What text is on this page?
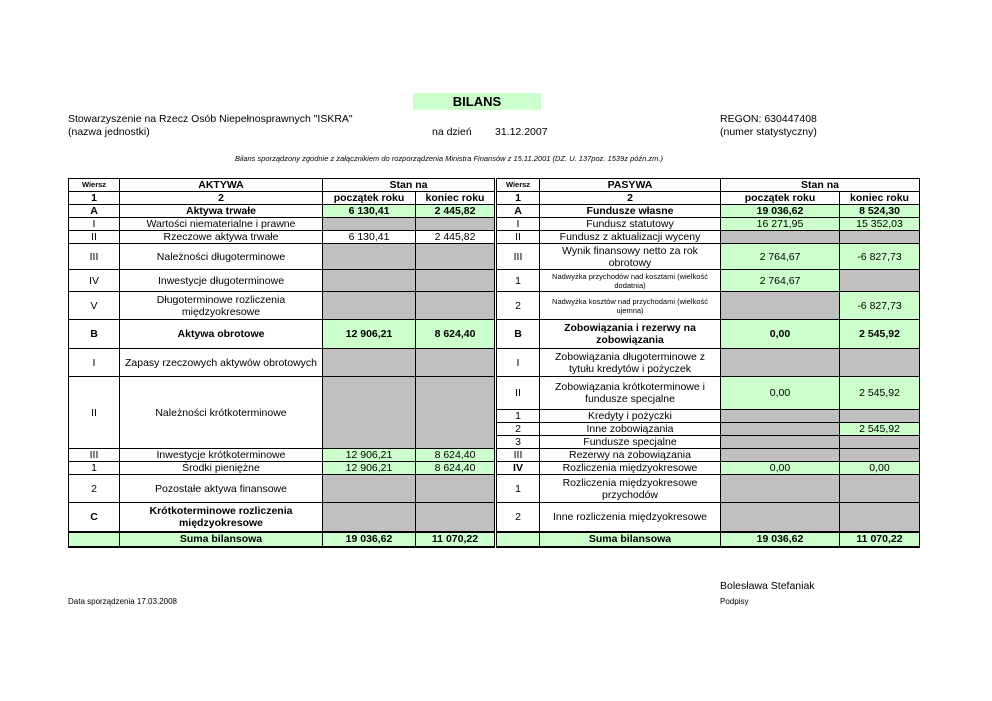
BILANS
Stowarzyszenie na Rzecz Osób Niepełnosprawnych "ISKRA"
(nazwa jednostki)	na dzień 31.12.2007
REGON: 630447408
(numer statystyczny)
Bilans sporządzony zgodnie z załącznikiem do rozporządzenia Ministra Finansów z 15.11.2001 (DZ. U. 137poz. 1539z późn.zm.)
Wiersz	AKTYWA	Stan na	
1	2	początek roku	koniec roku
A	Aktywa trwałe	6 130,41	2 445,82
I	Wartości niematerialne i prawne		
II	Rzeczowe aktywa trwałe	6 130,41	2 445,82
III	Należności długoterminowe		
IV	Inwestycje długoterminowe		
V	Długoterminowe rozliczenia międzyokresowe		
B	Aktywa obrotowe	12 906,21	8 624,40
I	Zapasy rzeczowych aktywów obrotowych		
II	Należności krótkoterminowe		
III	Inwestycje krótkoterminowe	12 906,21	8 624,40
1	Środki pieniężne	12 906,21	8 624,40
2	Pozostałe aktywa finansowe		
C	Krótkoterminowe rozliczenia międzyokresowe		
	Suma bilansowa	19 036,62	11 070,22
Wiersz	PASYWA	Stan na	
1	2	początek roku	koniec roku
A	Fundusze własne	19 036,62	8 524,30
I	Fundusz statutowy	16 271,95	15 352,03
II	Fundusz z aktualizacji wyceny		
III	Wynik finansowy netto za rok obrotowy	2 764,67	-6 827,73
1	Nadwyżka przychodów nad kosztami (wielkość dodatnia)	2 764,67	
2	Nadwyżka kosztów nad przychodami (wielkość ujemna)		-6 827,73
B	Zobowiązania i rezerwy na zobowiązania	0,00	2 545,92
I	Zobowiązania długoterminowe z tytułu kredytów i pożyczek		
II	Zobowiązania krótkoterminowe i fundusze specjalne	0,00	2 545,92
1	Kredyty i pożyczki		
2	Inne zobowiązania		2 545,92
3	Fundusze specjalne		
III	Rezerwy na zobowiązania		
IV	Rozliczenia międzyokresowe	0,00	0,00
1	Rozliczenia międzyokresowe przychodów		
2	Inne rozliczenia międzyokresowe		
	Suma bilansowa	19 036,62	11 070,22
Bolesława Stefaniak
Podpisy
Data sporządzenia 17.03.2008
